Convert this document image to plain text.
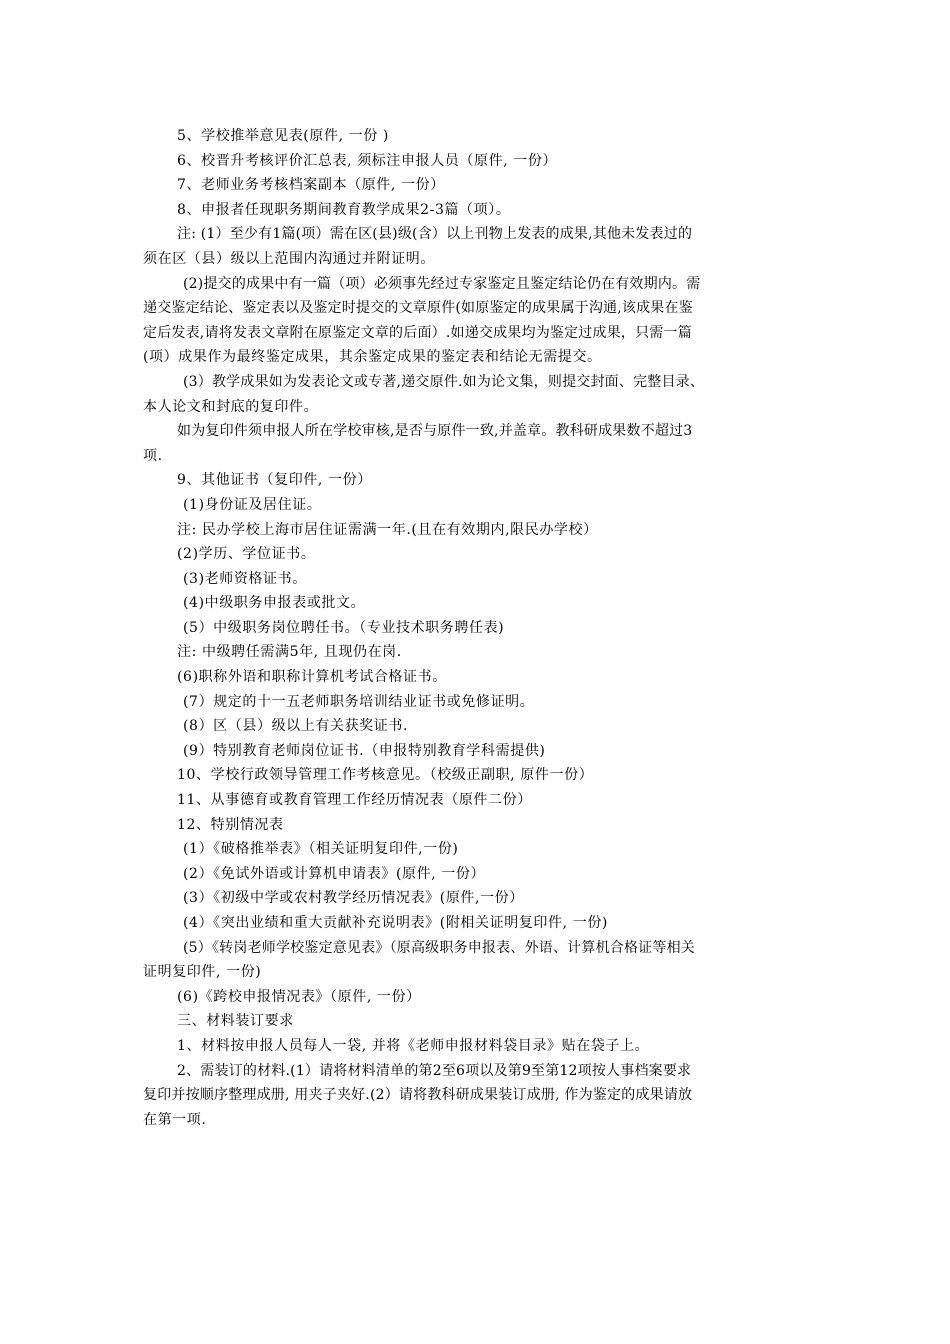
5、学校推举意见表(原件, 一份 )
6、校晋升考核评价汇总表, 须标注申报人员（原件, 一份）
7、老师业务考核档案副本（原件, 一份）
8、申报者任现职务期间教育教学成果2-3篇（项）。
注: (1）至少有1篇(项）需在区(县)级(含）以上刊物上发表的成果,其他未发表过的
须在区（县）级以上范围内沟通过并附证明。
(2)提交的成果中有一篇（项）必须事先经过专家鉴定且鉴定结论仍在有效期内。需
递交鉴定结论、鉴定表以及鉴定时提交的文章原件(如原鉴定的成果属于沟通,该成果在鉴
定后发表,请将发表文章附在原鉴定文章的后面）.如递交成果均为鉴定过成果，只需一篇
(项）成果作为最终鉴定成果，其余鉴定成果的鉴定表和结论无需提交。
(3）教学成果如为发表论文或专著,递交原件.如为论文集，则提交封面、完整目录、
本人论文和封底的复印件。
如为复印件须申报人所在学校审核,是否与原件一致,并盖章。教科研成果数不超过3
项.
9、其他证书（复印件, 一份）
(1)身份证及居住证。
注: 民办学校上海市居住证需满一年.(且在有效期内,限民办学校）
(2)学历、学位证书。
(3)老师资格证书。
(4)中级职务申报表或批文。
(5）中级职务岗位聘任书。（专业技术职务聘任表)
注: 中级聘任需满5年, 且现仍在岗.
(6)职称外语和职称计算机考试合格证书。
(7）规定的十一五老师职务培训结业证书或免修证明。
(8）区（县）级以上有关获奖证书.
(9）特别教育老师岗位证书.（申报特别教育学科需提供)
10、学校行政领导管理工作考核意见。（校级正副职, 原件一份）
11、从事德育或教育管理工作经历情况表（原件二份）
12、特别情况表
(1）《破格推举表》（相关证明复印件,一份)
(2）《免试外语或计算机申请表》(原件, 一份）
(3）《初级中学或农村教学经历情况表》(原件,一份）
(4）《突出业绩和重大贡献补充说明表》(附相关证明复印件, 一份)
(5）《转岗老师学校鉴定意见表》（原高级职务申报表、外语、计算机合格证等相关
证明复印件, 一份)
(6)《跨校申报情况表》（原件, 一份）
三、材料装订要求
1、材料按申报人员每人一袋, 并将《老师申报材料袋目录》贴在袋子上。
2、需装订的材料.(1）请将材料清单的第2至6项以及第9至第12项按人事档案要求
复印并按顺序整理成册, 用夹子夹好.(2）请将教科研成果装订成册, 作为鉴定的成果请放
在第一项.
